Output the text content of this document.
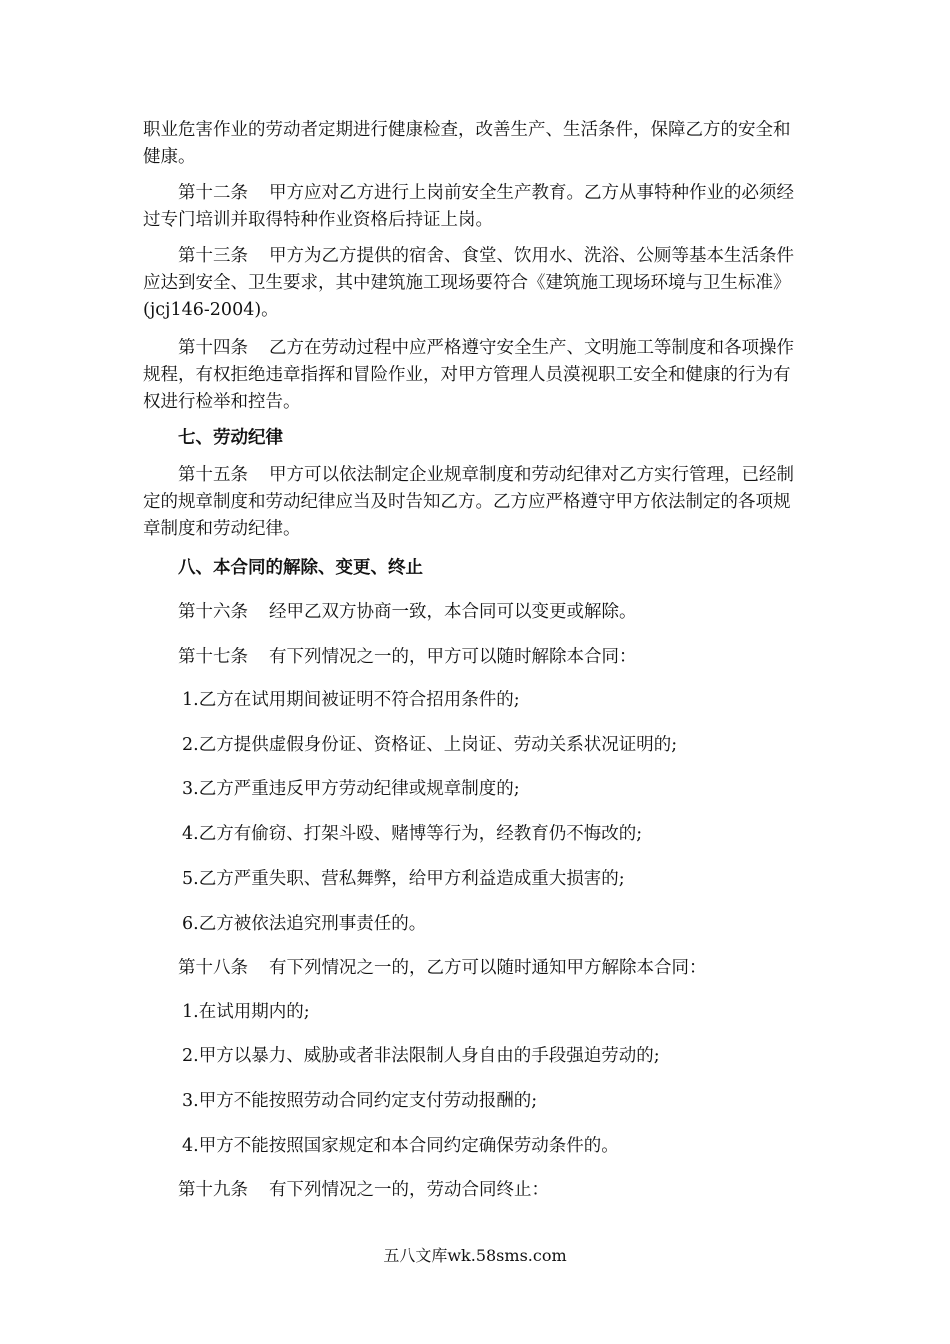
职业危害作业的劳动者定期进行健康检查，改善生产、生活条件，保障乙方的安全和健康。

第十二条 甲方应对乙方进行上岗前安全生产教育。乙方从事特种作业的必须经过专门培训并取得特种作业资格后持证上岗。

第十三条 甲方为乙方提供的宿舍、食堂、饮用水、洗浴、公厕等基本生活条件应达到安全、卫生要求，其中建筑施工现场要符合《建筑施工现场环境与卫生标准》(jcj146-2004)。

第十四条 乙方在劳动过程中应严格遵守安全生产、文明施工等制度和各项操作规程，有权拒绝违章指挥和冒险作业，对甲方管理人员漠视职工安全和健康的行为有权进行检举和控告。

七、劳动纪律

第十五条 甲方可以依法制定企业规章制度和劳动纪律对乙方实行管理，已经制定的规章制度和劳动纪律应当及时告知乙方。乙方应严格遵守甲方依法制定的各项规章制度和劳动纪律。

八、本合同的解除、变更、终止

第十六条 经甲乙双方协商一致，本合同可以变更或解除。

第十七条 有下列情况之一的，甲方可以随时解除本合同：

1.乙方在试用期间被证明不符合招用条件的;

2.乙方提供虚假身份证、资格证、上岗证、劳动关系状况证明的;

3.乙方严重违反甲方劳动纪律或规章制度的;

4.乙方有偷窃、打架斗殴、赌博等行为，经教育仍不悔改的;

5.乙方严重失职、营私舞弊，给甲方利益造成重大损害的;

6.乙方被依法追究刑事责任的。

第十八条 有下列情况之一的，乙方可以随时通知甲方解除本合同：

1.在试用期内的;

2.甲方以暴力、威胁或者非法限制人身自由的手段强迫劳动的;

3.甲方不能按照劳动合同约定支付劳动报酬的;

4.甲方不能按照国家规定和本合同约定确保劳动条件的。

第十九条 有下列情况之一的，劳动合同终止：

五八文库wk.58sms.com
